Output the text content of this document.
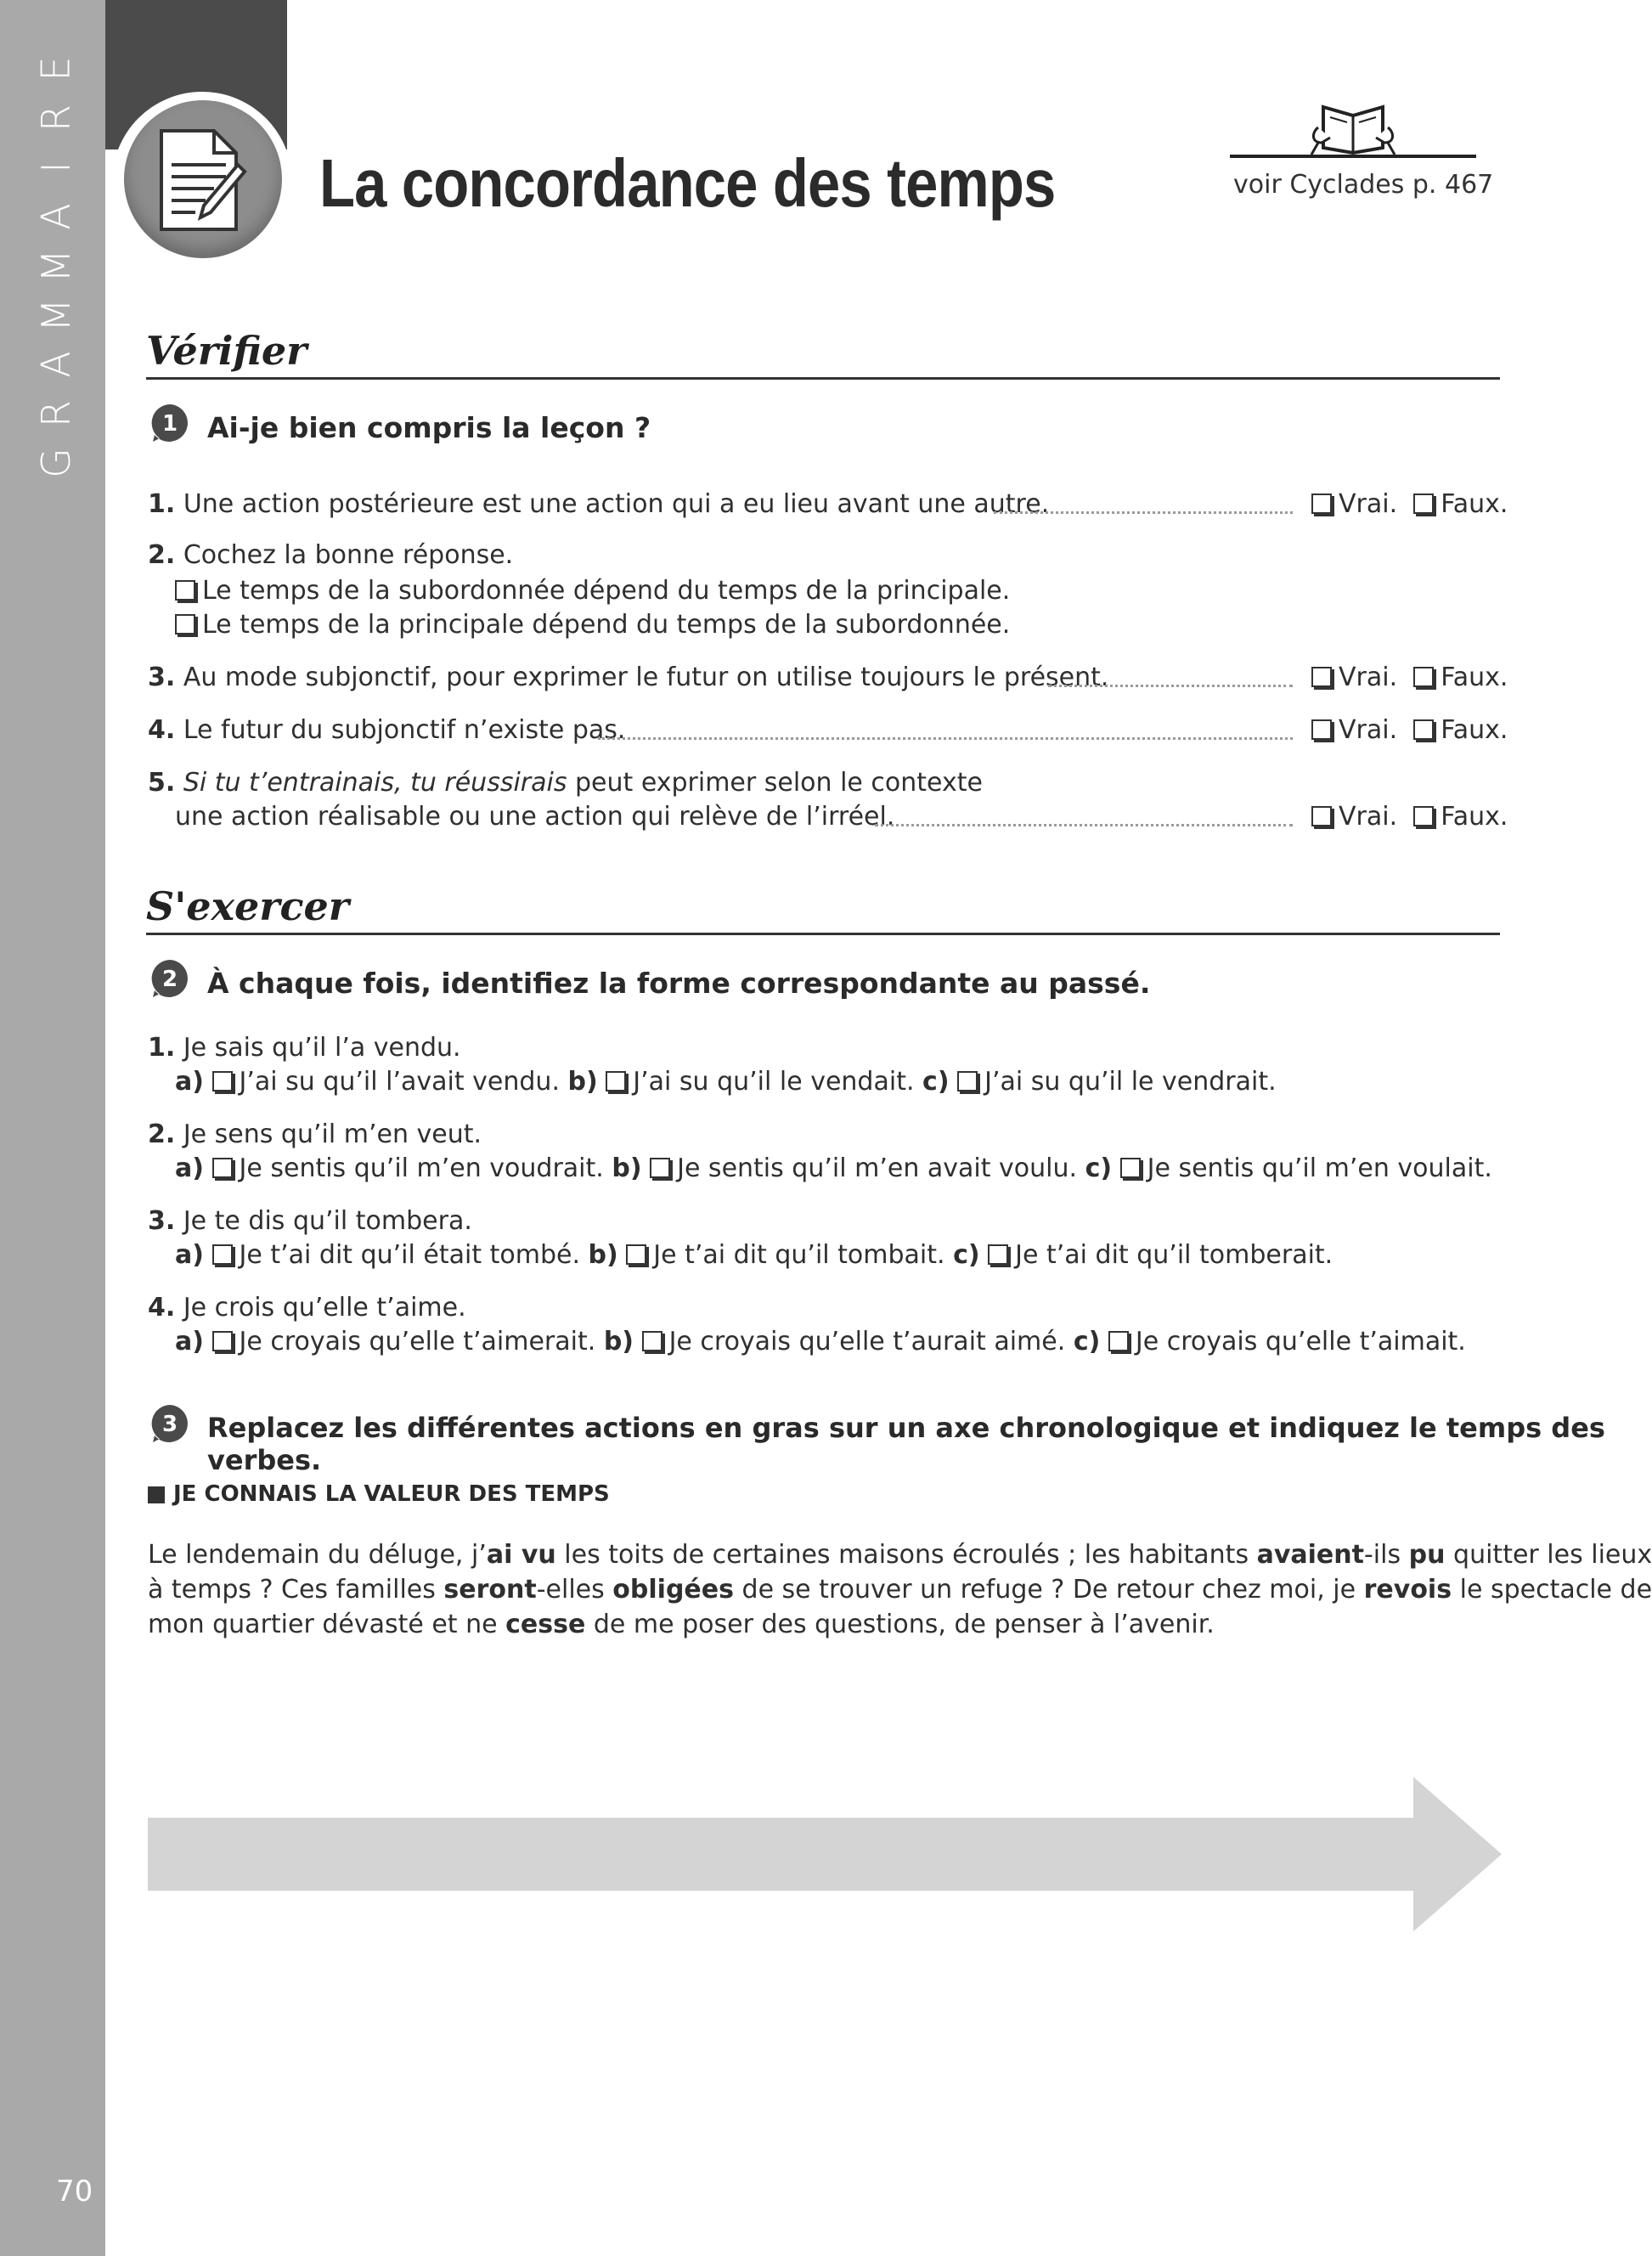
E
R
I
A
M
M
A
R
G
70
La concordance des temps	voir Cyclades p. 467
Vérifier
1 Ai-je bien compris la leçon ?
1. Une action postérieure est une action qui a eu lieu avant une autre.	Vrai. Faux.
2. Cochez la bonne réponse.
Le temps de la subordonnée dépend du temps de la principale.
Le temps de la principale dépend du temps de la subordonnée.
3. Au mode subjonctif, pour exprimer le futur on utilise toujours le présent.	Vrai. Faux.
4. Le futur du subjonctif n’existe pas.	Vrai. Faux.
5. Si tu t’entrainais, tu réussirais peut exprimer selon le contexte
une action réalisable ou une action qui relève de l’irréel.	Vrai. Faux.
S'exercer
2 À chaque fois, identifiez la forme correspondante au passé.
1. Je sais qu’il l’a vendu.
a) J’ai su qu’il l’avait vendu. b) J’ai su qu’il le vendait. c) J’ai su qu’il le vendrait.
2. Je sens qu’il m’en veut.
a) Je sentis qu’il m’en voudrait. b) Je sentis qu’il m’en avait voulu. c) Je sentis qu’il m’en voulait.
3. Je te dis qu’il tombera.
a) Je t’ai dit qu’il était tombé. b) Je t’ai dit qu’il tombait. c) Je t’ai dit qu’il tomberait.
4. Je crois qu’elle t’aime.
a) Je croyais qu’elle t’aimerait. b) Je croyais qu’elle t’aurait aimé. c) Je croyais qu’elle t’aimait.
3 Replacez les différentes actions en gras sur un axe chronologique et indiquez le temps des verbes.
JE CONNAIS LA VALEUR DES TEMPS
Le lendemain du déluge, j’ai vu les toits de certaines maisons écroulés ; les habitants avaient-ils pu quitter les lieux
à temps ? Ces familles seront-elles obligées de se trouver un refuge ? De retour chez moi, je revois le spectacle de
mon quartier dévasté et ne cesse de me poser des questions, de penser à l’avenir.
